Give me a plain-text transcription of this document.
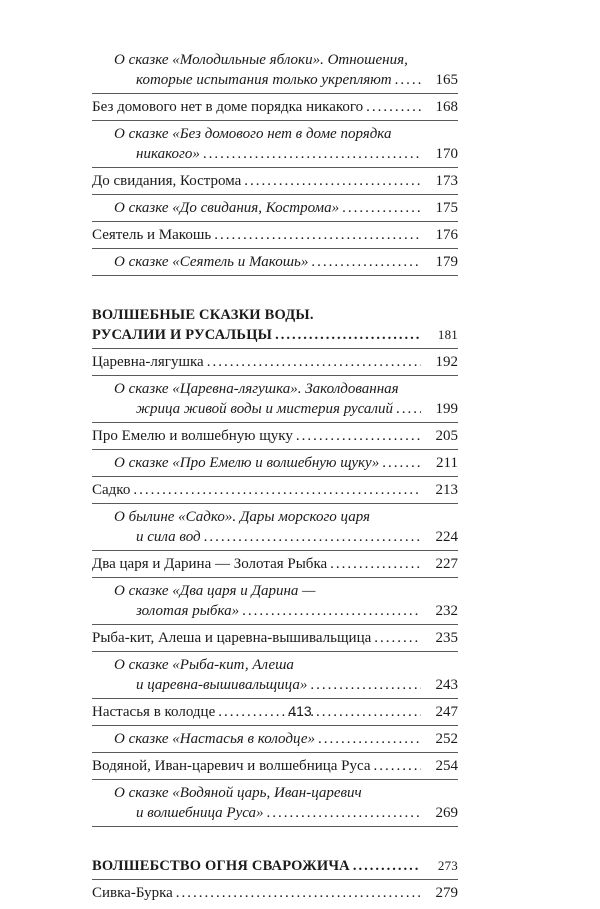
О сказке «Молодильные яблоки». Отношения,
которые испытания только укрепляют .....	165
Без домового нет в доме порядка никакого .....	168
О сказке «Без домового нет в доме порядка
никакого» .....	170
До свидания, Кострома .....	173
О сказке «До свидания, Кострома» .....	175
Сеятель и Макошь .....	176
О сказке «Сеятель и Макошь» .....	179
ВОЛШЕБНЫЕ СКАЗКИ ВОДЫ.
РУСАЛИИ И РУСАЛЬЦЫ .....	181
Царевна-лягушка .....	192
О сказке «Царевна-лягушка». Заколдованная
жрица живой воды и мистерия русалий .....	199
Про Емелю и волшебную щуку .....	205
О сказке «Про Емелю и волшебную щуку» .....	211
Садко .....	213
О былине «Садко». Дары морского царя
и сила вод .....	224
Два царя и Дарина — Золотая Рыбка .....	227
О сказке «Два царя и Дарина —
золотая рыбка» .....	232
Рыба-кит, Алеша и царевна-вышивальщица .....	235
О сказке «Рыба-кит, Алеша
и царевна-вышивальщица» .....	243
Настасья в колодце .....	247
О сказке «Настасья в колодце» .....	252
Водяной, Иван-царевич и волшебница Руса .....	254
О сказке «Водяной царь, Иван-царевич
и волшебница Руса» .....	269
ВОЛШЕБСТВО ОГНЯ СВАРОЖИЧА .....	273
Сивка-Бурка .....	279
413
